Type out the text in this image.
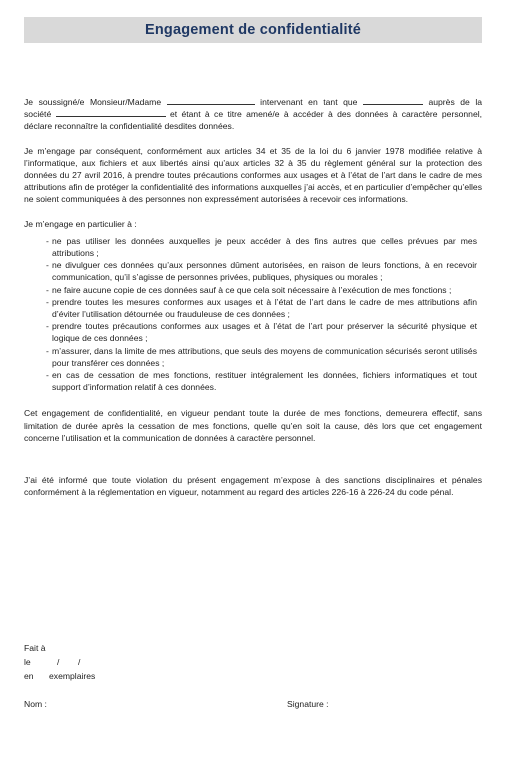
Engagement de confidentialité

Je soussigné/e Monsieur/Madame	intervenant en tant que	auprès de la
société	et étant à ce titre amené/e à accéder à des données à caractère personnel,
déclare reconnaître la confidentialité desdites données.

Je m’engage par conséquent, conformément aux articles 34 et 35 de la loi du 6 janvier 1978 modifiée relative à l’informatique, aux fichiers et aux libertés ainsi qu’aux articles 32 à 35 du règlement général sur la protection des données du 27 avril 2016, à prendre toutes précautions conformes aux usages et à l’état de l’art dans le cadre de mes attributions afin de protéger la confidentialité des informations auxquelles j’ai accès, et en particulier d’empêcher qu’elles ne soient communiquées à des personnes non expressément autorisées à recevoir ces informations.

Je m’engage en particulier à :

- ne pas utiliser les données auxquelles je peux accéder à des fins autres que celles prévues par mes attributions ;
- ne divulguer ces données qu’aux personnes dûment autorisées, en raison de leurs fonctions, à en recevoir communication, qu’il s’agisse de personnes privées, publiques, physiques ou morales ;
- ne faire aucune copie de ces données sauf à ce que cela soit nécessaire à l’exécution de mes fonctions ;
- prendre toutes les mesures conformes aux usages et à l’état de l’art dans le cadre de mes attributions afin d’éviter l’utilisation détournée ou frauduleuse de ces données ;
- prendre toutes précautions conformes aux usages et à l’état de l’art pour préserver la sécurité physique et logique de ces données ;
- m’assurer, dans la limite de mes attributions, que seuls des moyens de communication sécurisés seront utilisés pour transférer ces données ;
- en cas de cessation de mes fonctions, restituer intégralement les données, fichiers informatiques et tout support d’information relatif à ces données.

Cet engagement de confidentialité, en vigueur pendant toute la durée de mes fonctions, demeurera effectif, sans limitation de durée après la cessation de mes fonctions, quelle qu’en soit la cause, dès lors que cet engagement concerne l’utilisation et la communication de données à caractère personnel.

J’ai été informé que toute violation du présent engagement m’expose à des sanctions disciplinaires et pénales conformément à la réglementation en vigueur, notamment au regard des articles 226-16 à 226-24 du code pénal.

Fait à
le	/	/
en	exemplaires
Nom :	Signature :
